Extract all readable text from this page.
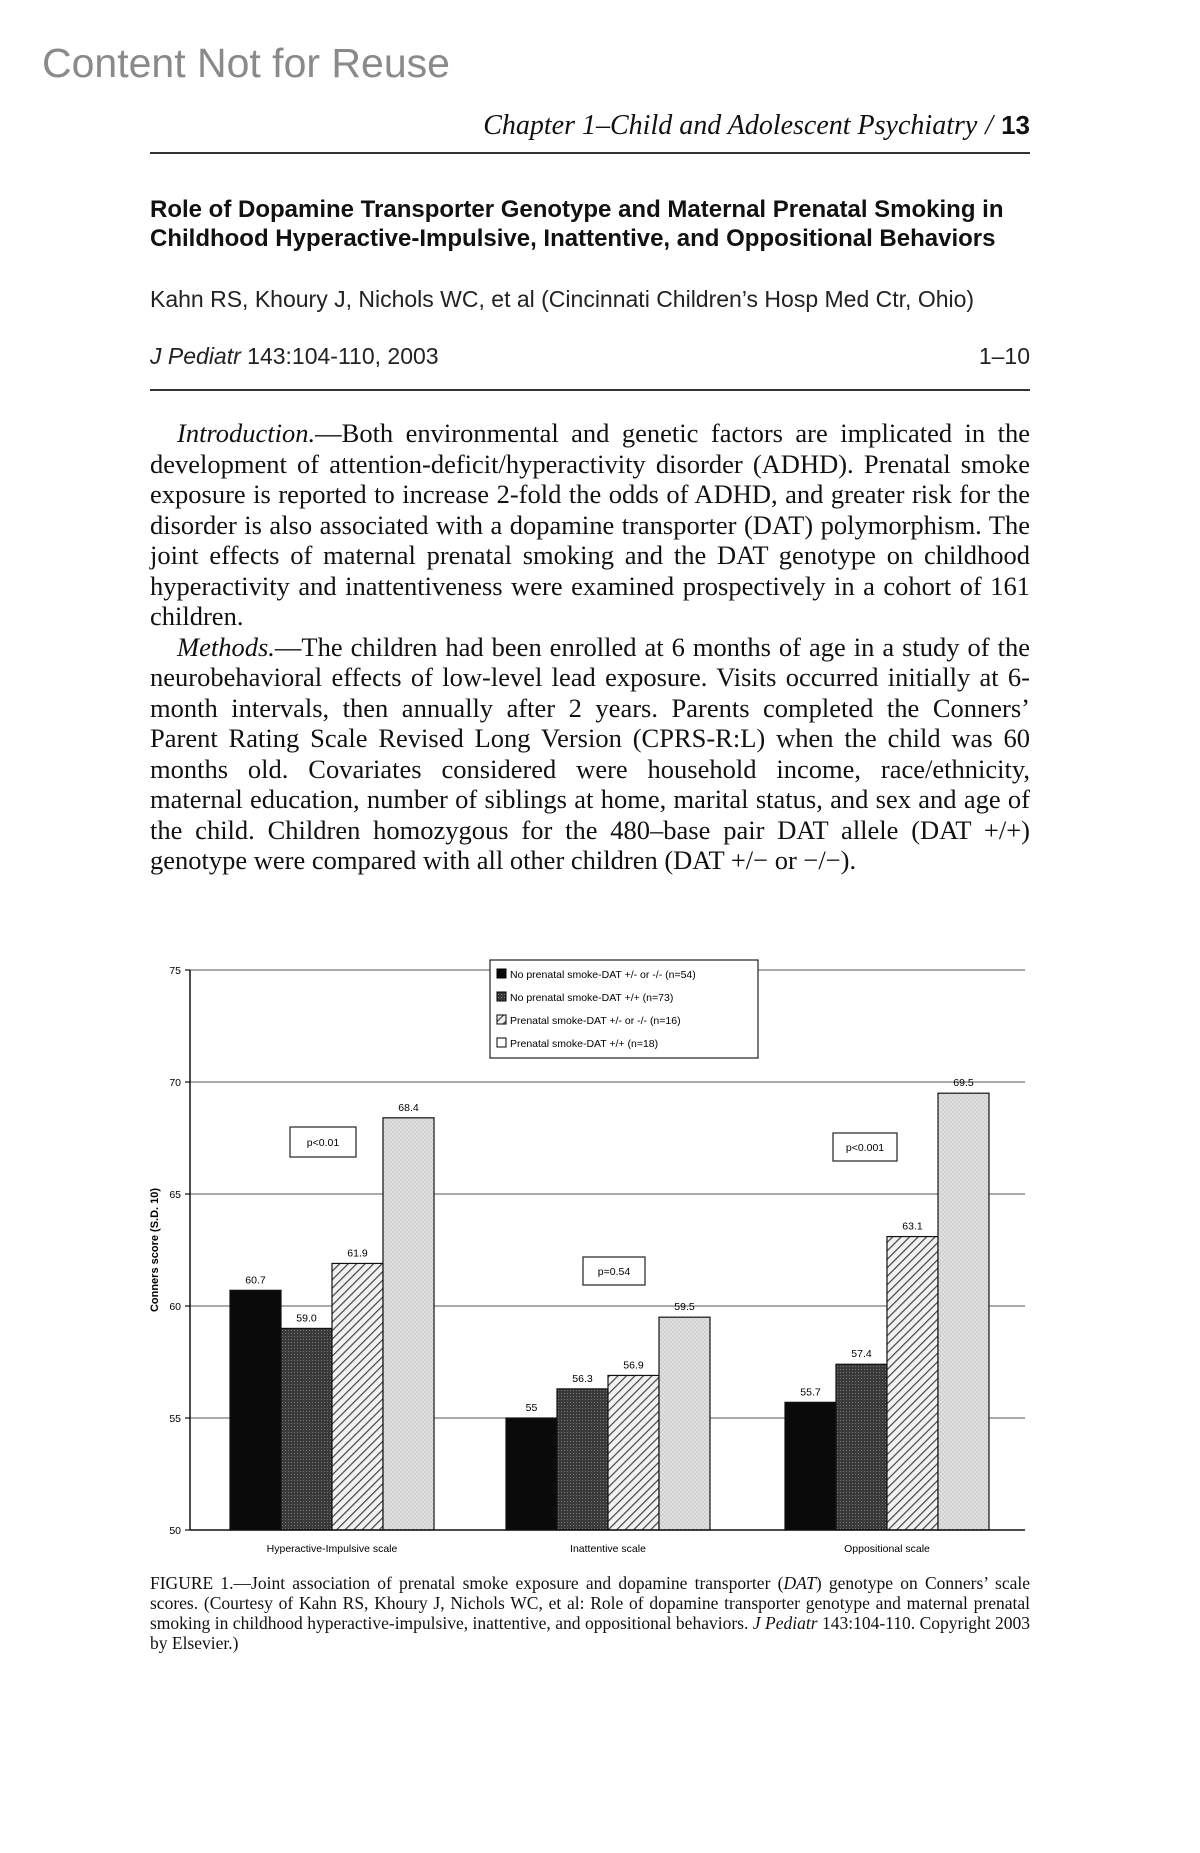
Content Not for Reuse
Chapter 1–Child and Adolescent Psychiatry / 13
Role of Dopamine Transporter Genotype and Maternal Prenatal Smoking in Childhood Hyperactive-Impulsive, Inattentive, and Oppositional Behaviors
Kahn RS, Khoury J, Nichols WC, et al (Cincinnati Children’s Hosp Med Ctr, Ohio)
J Pediatr 143:104-110, 2003	1–10

Introduction.—Both environmental and genetic factors are implicated in the development of attention-deficit/hyperactivity disorder (ADHD). Prenatal smoke exposure is reported to increase 2-fold the odds of ADHD, and greater risk for the disorder is also associated with a dopamine transporter (DAT) polymorphism. The joint effects of maternal prenatal smoking and the DAT genotype on childhood hyperactivity and inattentiveness were examined prospectively in a cohort of 161 children.

Methods.—The children had been enrolled at 6 months of age in a study of the neurobehavioral effects of low-level lead exposure. Visits occurred initially at 6-month intervals, then annually after 2 years. Parents completed the Conners’ Parent Rating Scale Revised Long Version (CPRS-R:L) when the child was 60 months old. Covariates considered were household income, race/ethnicity, maternal education, number of siblings at home, marital status, and sex and age of the child. Children homozygous for the 480–base pair DAT allele (DAT +/+) genotype were compared with all other children (DAT +/− or −/−).

50
55
60
65
70
75
60.7
59.0
61.9
68.4
55
56.3
56.9
59.5
55.7
57.4
63.1
69.5
Hyperactive-Impulsive scale	Inattentive scale	Oppositional scale
Conners score (S.D. 10)
No prenatal smoke-DAT +/- or -/- (n=54)
No prenatal smoke-DAT +/+ (n=73)
Prenatal smoke-DAT +/- or -/- (n=16)
Prenatal smoke-DAT +/+ (n=18)
p<0.01
p=0.54
p<0.001
FIGURE 1.—Joint association of prenatal smoke exposure and dopamine transporter (DAT) genotype on Conners’ scale scores. (Courtesy of Kahn RS, Khoury J, Nichols WC, et al: Role of dopamine transporter genotype and maternal prenatal smoking in childhood hyperactive-impulsive, inattentive, and oppositional behaviors. J Pediatr 143:104-110. Copyright 2003 by Elsevier.)
